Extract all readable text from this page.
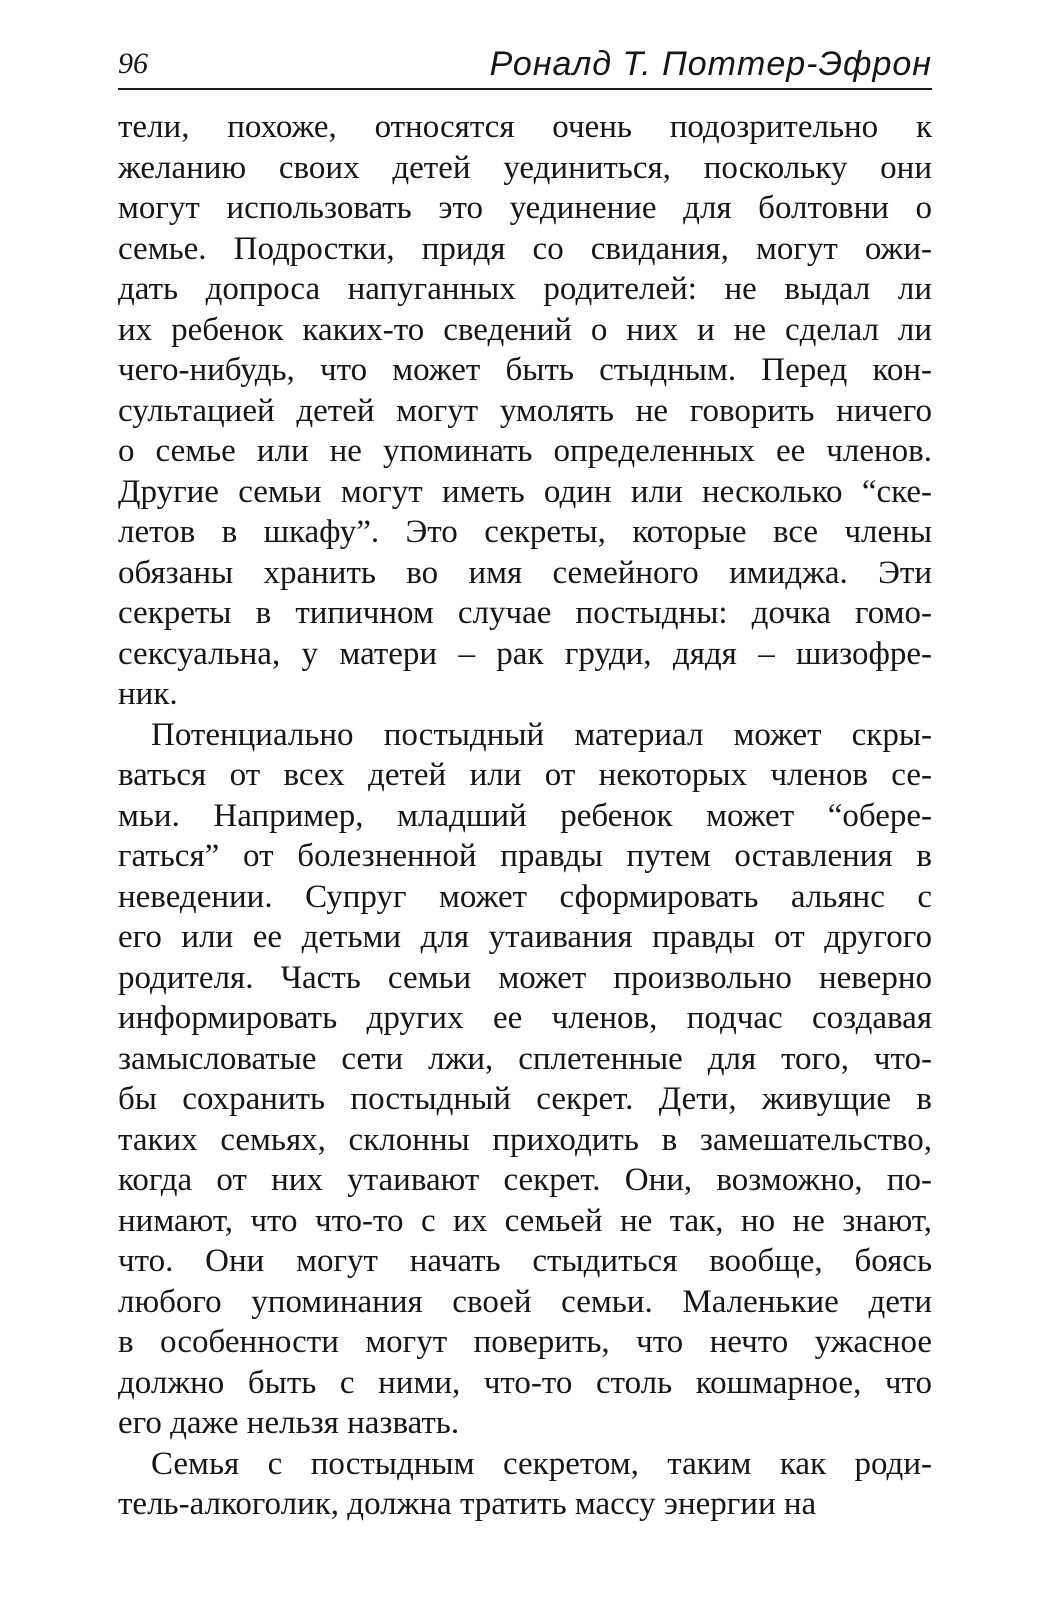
96	Роналд Т. Поттер-Эфрон
тели, похоже, относятся очень подозрительно к
желанию своих детей уединиться, поскольку они
могут использовать это уединение для болтовни о
семье. Подростки, придя со свидания, могут ожи-
дать допроса напуганных родителей: не выдал ли
их ребенок каких-то сведений о них и не сделал ли
чего-нибудь, что может быть стыдным. Перед кон-
сультацией детей могут умолять не говорить ничего
о семье или не упоминать определенных ее членов.
Другие семьи могут иметь один или несколько “ске-
летов в шкафу”. Это секреты, которые все члены
обязаны хранить во имя семейного имиджа. Эти
секреты в типичном случае постыдны: дочка гомо-
сексуальна, у матери – рак груди, дядя – шизофре-
ник.
Потенциально постыдный материал может скры-
ваться от всех детей или от некоторых членов се-
мьи. Например, младший ребенок может “обере-
гаться” от болезненной правды путем оставления в
неведении. Супруг может сформировать альянс с
его или ее детьми для утаивания правды от другого
родителя. Часть семьи может произвольно неверно
информировать других ее членов, подчас создавая
замысловатые сети лжи, сплетенные для того, что-
бы сохранить постыдный секрет. Дети, живущие в
таких семьях, склонны приходить в замешательство,
когда от них утаивают секрет. Они, возможно, по-
нимают, что что-то с их семьей не так, но не знают,
что. Они могут начать стыдиться вообще, боясь
любого упоминания своей семьи. Маленькие дети
в особенности могут поверить, что нечто ужасное
должно быть с ними, что-то столь кошмарное, что
его даже нельзя назвать.
Семья с постыдным секретом, таким как роди-
тель-алкоголик, должна тратить массу энергии на
